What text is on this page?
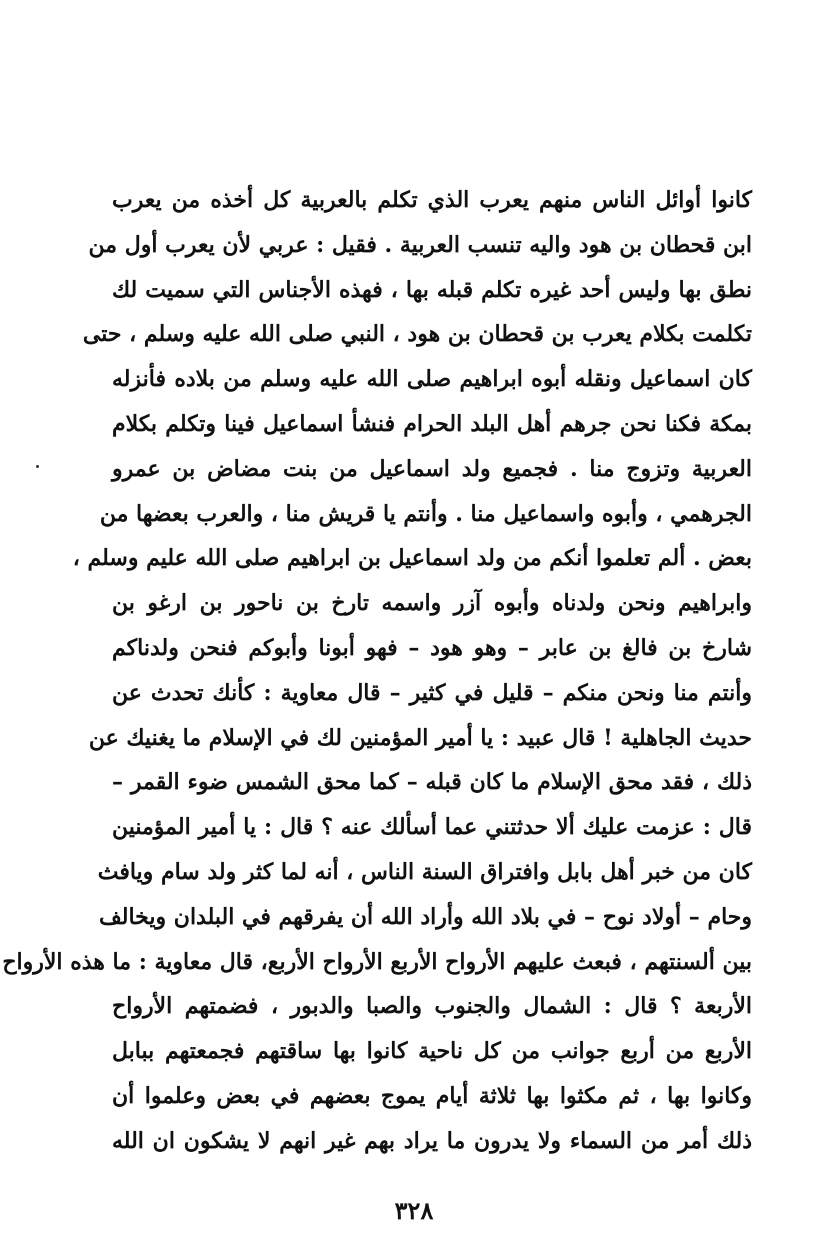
كانوا أوائل الناس منهم يعرب الذي تكلم بالعربية كل أخذه من يعرب
ابن قحطان بن هود واليه تنسب العربية . فقيل : عربي لأن يعرب أول من
نطق بها وليس أحد غيره تكلم قبله بها ، فهذه الأجناس التي سميت لك
تكلمت بكلام يعرب بن قحطان بن هود ، النبي صلى الله عليه وسلم ، حتى
كان اسماعيل ونقله أبوه ابراهيم صلى الله عليه وسلم من بلاده فأنزله
بمكة فكنا نحن جرهم أهل البلد الحرام فنشأ اسماعيل فينا وتكلم بكلام
العربية وتزوج منا . فجميع ولد اسماعيل من بنت مضاض بن عمرو
الجرهمي ، وأبوه واسماعيل منا . وأنتم يا قريش منا ، والعرب بعضها من
بعض . ألم تعلموا أنكم من ولد اسماعيل بن ابراهيم صلى الله عليم وسلم ،
وابراهيم ونحن ولدناه وأبوه آزر واسمه تارخ بن ناحور بن ارغو بن
شارخ بن فالغ بن عابر – وهو هود – فهو أبونا وأبوكم فنحن ولدناكم
وأنتم منا ونحن منكم – قليل في كثير – قال معاوية : كأنك تحدث عن
حديث الجاهلية ! قال عبيد : يا أمير المؤمنين لك في الإسلام ما يغنيك عن
ذلك ، فقد محق الإسلام ما كان قبله – كما محق الشمس ضوء القمر –
قال : عزمت عليك ألا حدثتني عما أسألك عنه ؟ قال : يا أمير المؤمنين
كان من خبر أهل بابل وافتراق السنة الناس ، أنه لما كثر ولد سام ويافث
وحام – أولاد نوح – في بلاد الله وأراد الله أن يفرقهم في البلدان ويخالف
بين ألسنتهم ، فبعث عليهم الأرواح الأربع الأرواح الأربع، قال معاوية : ما هذه الأرواح
الأربعة ؟ قال : الشمال والجنوب والصبا والدبور ، فضمتهم الأرواح
الأربع من أربع جوانب من كل ناحية كانوا بها ساقتهم فجمعتهم ببابل
وكانوا بها ، ثم مكثوا بها ثلاثة أيام يموج بعضهم في بعض وعلموا أن
ذلك أمر من السماء ولا يدرون ما يراد بهم غير انهم لا يشكون ان الله
٣٢٨
